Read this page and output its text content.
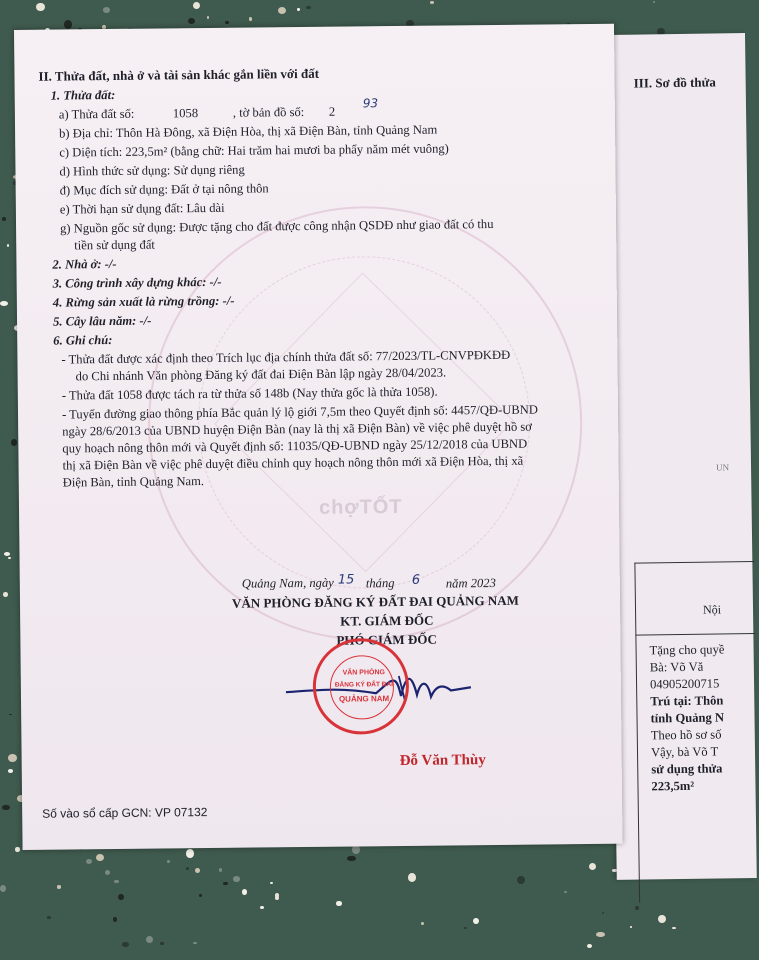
III. Sơ đồ thửa
UN
Nội
Tặng cho quyề
Bà: Võ Vă
04905200715
Trú tại: Thôn
tỉnh Quảng N
Theo hồ sơ số
Vậy, bà Võ T
sử dụng thửa
223,5m²
II. Thửa đất, nhà ở và tài sản khác gắn liền với đất
1. Thửa đất:
a) Thửa đất số:	1058	, tờ bản đồ số: 2
93
b) Địa chỉ: Thôn Hà Đông, xã Điện Hòa, thị xã Điện Bàn, tỉnh Quảng Nam
c) Diện tích: 223,5m² (bằng chữ: Hai trăm hai mươi ba phẩy năm mét vuông)
d) Hình thức sử dụng: Sử dụng riêng
đ) Mục đích sử dụng: Đất ở tại nông thôn
e) Thời hạn sử dụng đất: Lâu dài
g) Nguồn gốc sử dụng: Được tặng cho đất được công nhận QSDĐ như giao đất có thu
tiền sử dụng đất
2. Nhà ở: -/-
3. Công trình xây dựng khác: -/-
4. Rừng sản xuất là rừng trồng: -/-
5. Cây lâu năm: -/-
6. Ghi chú:
- Thửa đất được xác định theo Trích lục địa chính thửa đất số: 77/2023/TL-CNVPĐKĐĐ
do Chi nhánh Văn phòng Đăng ký đất đai Điện Bàn lập ngày 28/04/2023.
- Thửa đất 1058 được tách ra từ thửa số 148b (Nay thửa gốc là thửa 1058).
- Tuyến đường giao thông phía Bắc quản lý lộ giới 7,5m theo Quyết định số: 4457/QĐ-UBND
ngày 28/6/2013 của UBND huyện Điện Bàn (nay là thị xã Điện Bàn) về việc phê duyệt hồ sơ
quy hoạch nông thôn mới và Quyết định số: 11035/QĐ-UBND ngày 25/12/2018 của UBND
thị xã Điện Bàn về việc phê duyệt điều chỉnh quy hoạch nông thôn mới xã Điện Hòa, thị xã
Điện Bàn, tỉnh Quảng Nam.
chợTỐT
Quảng Nam, ngày 15 tháng 6 năm 2023
VĂN PHÒNG ĐĂNG KÝ ĐẤT ĐAI QUẢNG NAM
KT. GIÁM ĐỐC
PHÓ GIÁM ĐỐC
VĂN PHÒNG
ĐĂNG KÝ ĐẤT ĐAI
QUẢNG NAM
Đỗ Văn Thùy
Số vào sổ cấp GCN: VP 07132
